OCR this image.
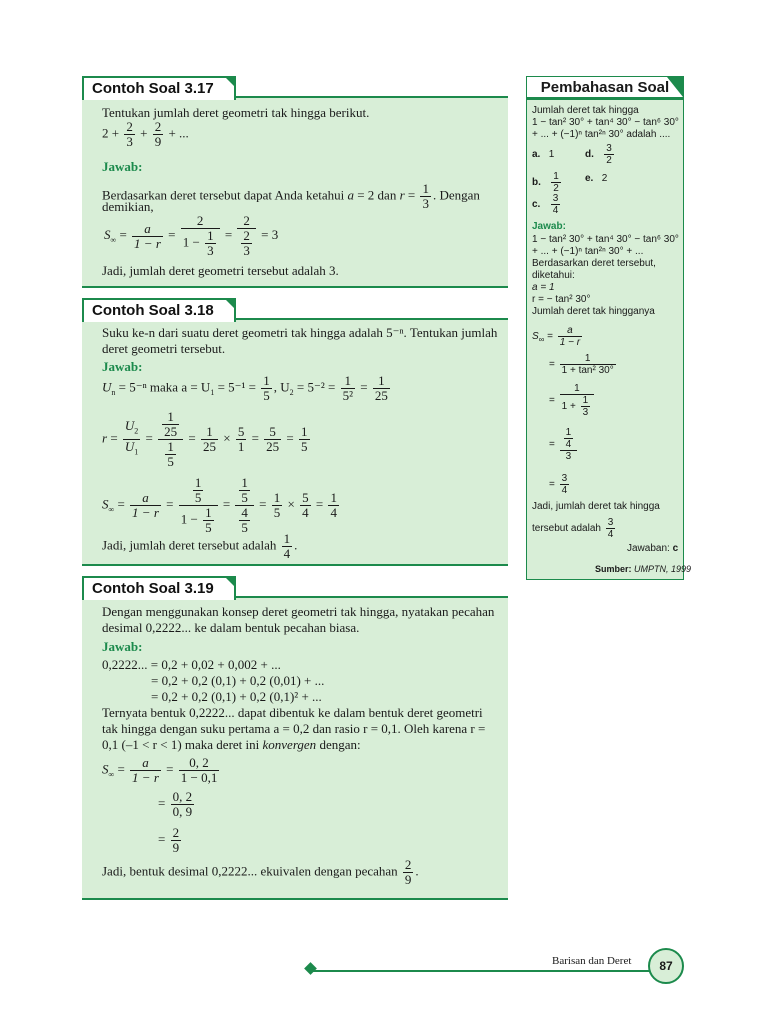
Contoh Soal 3.17
Tentukan jumlah deret geometri tak hingga berikut.
$2 + \frac{2}{3} + \frac{2}{9}$ + ...
Jawab:
Berdasarkan deret tersebut dapat Anda ketahui a = 2 dan $r = \frac{1}{3}$ . Dengan
demikian,
$S_\infty = \frac{a}{1 - r} = \frac{2}{1 - \frac{1}{3}} = \frac{2}{\frac{2}{3}} = 3$
Jadi, jumlah deret geometri tersebut adalah 3.
Contoh Soal 3.18
Suku ke-n dari suatu deret geometri tak hingga adalah 5⁻ⁿ. Tentukan jumlah
deret geometri tersebut.
Jawab:
$U_n = 5^{-n}$ maka $a = U_1 = 5^{-1} = \frac{1}{5}$ , $U_2 = 5^{-2} = \frac{1}{\text{5²}} = \frac{1}{25}$
$r = \frac{U_2}{U_1} = \frac{\frac{1}{25}}{\frac{1}{5}} = \frac{1}{25} \times \frac{5}{1} = \frac{5}{25} = \frac{1}{5}$
$S_\infty = \frac{a}{1 - r} = \frac{\frac{1}{5}}{1 - \frac{1}{5}} = \frac{\frac{1}{5}}{\frac{4}{5}} = \frac{1}{5} \times \frac{5}{4} = \frac{1}{4}$
Jadi, jumlah deret tersebut adalah $\frac{1}{4}$ .
Contoh Soal 3.19
Dengan menggunakan konsep deret geometri tak hingga, nyatakan pecahan
desimal 0,2222... ke dalam bentuk pecahan biasa.
Jawab:
0,2222... = 0,2 + 0,02 + 0,002 + ...
= 0,2 + 0,2 (0,1) + 0,2 (0,01) + ...
= 0,2 + 0,2 (0,1) + 0,2 (0,1)² + ...
Ternyata bentuk 0,2222... dapat dibentuk ke dalam bentuk deret geometri
tak hingga dengan suku pertama a = 0,2 dan rasio r = 0,1. Oleh karena r =
0,1 (–1 < r < 1) maka deret ini konvergen dengan:
$S_\infty = \frac{a}{1 - r} = \frac{0, 2}{1 - 0,1}$
= $\frac{0, 2}{0, 9}$
= $\frac{2}{9}$
Jadi, bentuk desimal 0,2222... ekuivalen dengan pecahan $\frac{2}{9}$ .
Pembahasan Soal
Jumlah deret tak hingga
1 − tan² 30° + tan⁴ 30° − tan⁶ 30°
+ ... + (−1)ⁿ tan²ⁿ 30° adalah ....
a. 1	d. $\frac{3}{2}$
b. $\frac{1}{2} e$. 2
c. $\frac{3}{4}$
Jawab:
1 − tan² 30° + tan⁴ 30° − tan⁶ 30°
+ ... + (−1)ⁿ tan²ⁿ 30° + ...
Berdasarkan deret tersebut,
diketahui:
a = 1
r = − tan² 30°
Jumlah deret tak hingganya
$S_\infty = \frac{a}{1 - r}$
= $\frac{1}{\text{1 + tan² 30°}}$
= $\frac{1}{1 + \frac{1}{3}}$
= $\frac{\frac{1}{4}}{3}$
= $\frac{3}{4}$
Jadi, jumlah deret tak hingga
tersebut adalah $\frac{3}{4}$
Jawaban: c
Sumber: UMPTN, 1999
Barisan dan Deret	87
